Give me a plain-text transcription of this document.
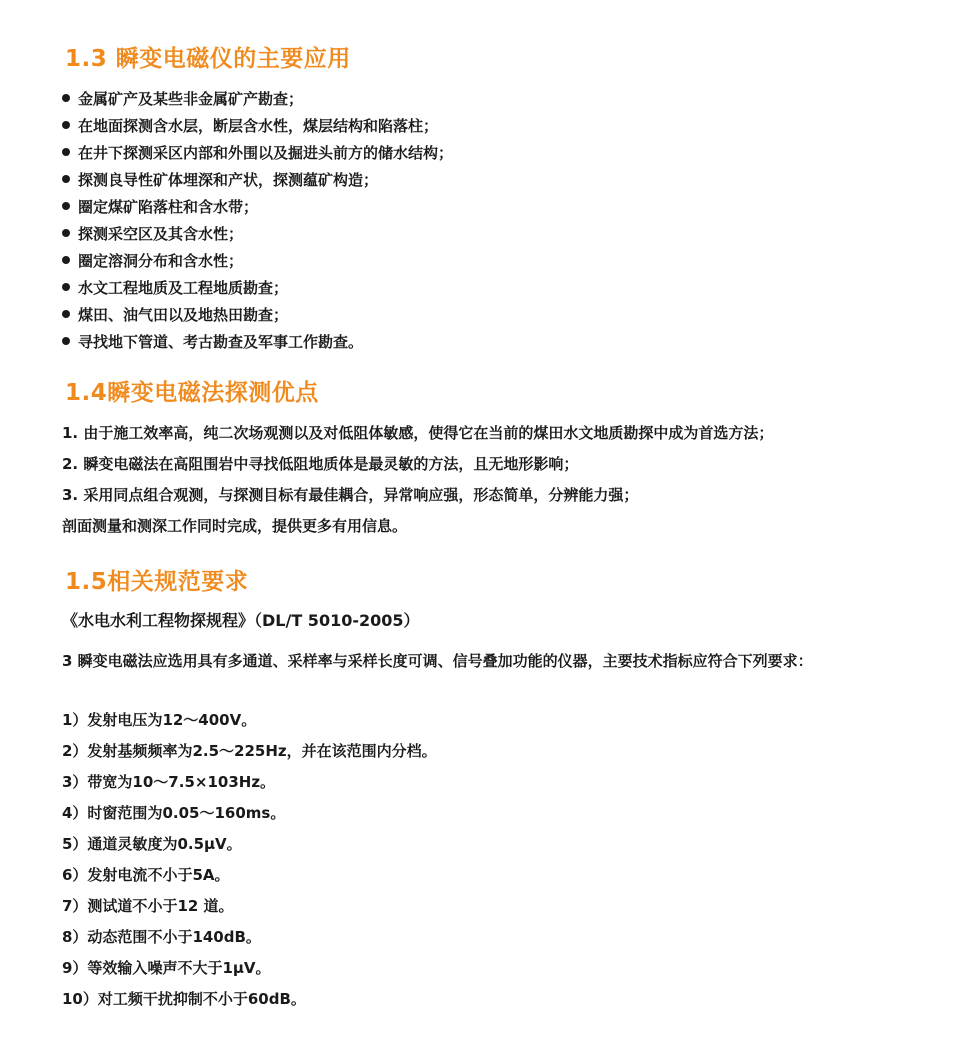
1.3 瞬变电磁仪的主要应用
金属矿产及某些非金属矿产勘查；
在地面探测含水层，断层含水性，煤层结构和陷落柱；
在井下探测采区内部和外围以及掘进头前方的储水结构；
探测良导性矿体埋深和产状，探测蕴矿构造；
圈定煤矿陷落柱和含水带；
探测采空区及其含水性；
圈定溶洞分布和含水性；
水文工程地质及工程地质勘查；
煤田、油气田以及地热田勘查；
寻找地下管道、考古勘查及军事工作勘查。
1.4瞬变电磁法探测优点
1. 由于施工效率高，纯二次场观测以及对低阻体敏感，使得它在当前的煤田水文地质勘探中成为首选方法；
2. 瞬变电磁法在高阻围岩中寻找低阻地质体是最灵敏的方法，且无地形影响；
3. 采用同点组合观测，与探测目标有最佳耦合，异常响应强，形态简单，分辨能力强；
剖面测量和测深工作同时完成，提供更多有用信息。
1.5相关规范要求
《水电水利工程物探规程》（DL/T 5010-2005）

3 瞬变电磁法应选用具有多通道、采样率与采样长度可调、信号叠加功能的仪器，主要技术指标应符合下列要求：

1）发射电压为12～400V。
2）发射基频频率为2.5～225Hz，并在该范围内分档。
3）带宽为10～7.5×103Hz。
4）时窗范围为0.05～160ms。
5）通道灵敏度为0.5μV。
6）发射电流不小于5A。
7）测试道不小于12 道。
8）动态范围不小于140dB。
9）等效输入噪声不大于1μV。
10）对工频干扰抑制不小于60dB。
